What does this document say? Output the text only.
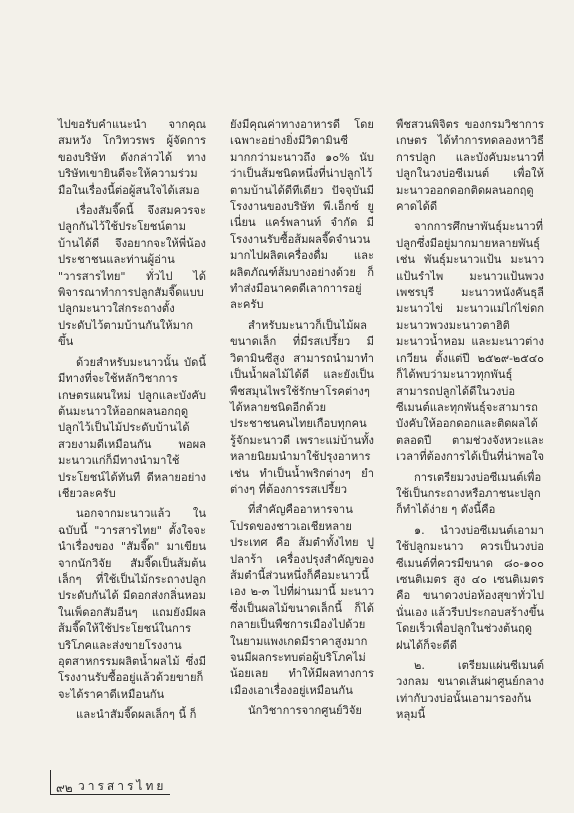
ไปขอรับคำแนะนำ จากคุณสมหวัง โกวิทวรพร ผู้จัดการของบริษัท ดังกล่าวได้ ทางบริษัทเขายินดีจะให้ความร่วมมือในเรื่องนี้ต่อผู้สนใจได้เสมอ

เรื่องสัมจี๊ดนี้ จึงสมควรจะปลูกกันไว้ใช้ประโยชน์ตามบ้านได้ดี จึงอยากจะให้พี่น้องประชาชนและท่านผู้อ่าน "วารสารไทย" ทั่วไป ได้พิจารณาทำการปลูกสัมจี๊ดแบบปลูกมะนาวใส่กระถางตั้งประดับไว้ตามบ้านกันให้มากขึ้น

ด้วยสำหรับมะนาวนั้น บัดนี้มีทางที่จะใช้หลักวิชาการเกษตรแผนใหม่ ปลูกและบังคับต้นมะนาวให้ออกผลนอกฤดู ปลูกไว้เป็นไม้ประดับบ้านได้สวยงามดีเหมือนกัน พอผลมะนาวแก่ก็มีทางนำมาใช้ประโยชน์ได้ทันที ดีหลายอย่างเชียวละครับ

นอกจากมะนาวแล้ว ในฉบับนี้ "วารสารไทย" ตั้งใจจะนำเรื่องของ "สัมจี๊ด" มาเขียนจากนักวิจัย สัมจี๊ดเป็นส้มต้นเล็กๆ ที่ใช้เป็นไม้กระถางปลูกประดับกันได้ มีดอกส่งกลิ่นหอมในเพ็ดอกสัมอีนๆ แถมยังมีผลส้มจี๊ดให้ใช้ประโยชน์ในการบริโภคและส่งขายโรงงานอุตสาหกรรมผลิตน้ำผลไม้ ซึ่งมีโรงงานรับซื้ออยู่แล้วด้วยขายก็จะได้ราคาดีเหมือนกัน

และนำสัมจี๊ดผลเล็กๆ นี้ ก็

ยังมีคุณค่าทางอาหารดี โดยเฉพาะอย่างยิ่งมีวิตามินซี มากกว่ามะนาวถึง ๑๐% นับว่าเป็นส้มชนิดหนึ่งที่น่าปลูกไว้ตามบ้านได้ดีทีเดียว ปัจจุบันมีโรงงานของบริษัท พี.เอ็กซ์ ยูเนี่ยน แคร์พลานท์ จำกัด มีโรงงานรับซื้อส้มผลจี๊ดจำนวนมากไปผลิตเครื่องดื่ม และผลิตภัณฑ์ส้มบางอย่างด้วย ก็ทำส่งมีอนาคตดีเลากาารอยู่ละครับ

สำหรับมะนาวก็เป็นไม้ผลขนาดเล็ก ที่มีรสเปรี้ยว มีวิตามินซีสูง สามารถนำมาทำเป็นน้ำผลไม้ได้ดี และยังเป็นพืชสมุนไพรใช้รักษาโรคต่างๆ ได้หลายชนิดอีกด้วย ประชาชนคนไทยเกือบทุกคนรู้จักมะนาวดี เพราะแม่บ้านทั้งหลายนิยมนำมาใช้ปรุงอาหาร เช่น ทำเป็นน้ำพริกต่างๆ ยำต่างๆ ที่ต้องการรสเปรี้ยว

ที่สำคัญคืออาหารจานโปรดของชาวเอเชียหลายประเทศ คือ ส้มตำทั้งไทย ปู ปลาร้า เครื่องปรุงสำคัญของส้มตำนี้ส่วนหนึ่งก็คือมะนาวนี้เอง ๒-๓ ไปที่ผ่านมานี้ มะนาวซึ่งเป็นผลไม้ขนาดเล็กนี้ ก็ได้กลายเป็นพืชการเมืองไปด้วย ในยามแพงเกดมีราคาสูงมาก จนมีผลกระทบต่อผู้บริโภคไม่น้อยเลย ทำให้มีผลทางการเมืองเอาเรื่องอยู่เหมือนกัน

นักวิชาการจากศูนย์วิจัย

พืชสวนพิจิตร ของกรมวิชาการเกษตร ได้ทำการทดลองหาวิธีการปลูก และบังคับมะนาวที่ปลูกในวงบ่อซีเมนต์ เพื่อให้มะนาวออกดอกติดผลนอกฤดูคาดได้ดี

จากการศึกษาพันธุ์มะนาวที่ปลูกซึ่งมีอยู่มากมายหลายพันธุ์ เช่น พันธุ์มะนาวแป้น มะนาวแป้นรำไพ มะนาวแป้นพวงเพชรบุรี มะนาวหนังคันธุลี มะนาวไข่ มะนาวแม่ไก่ไข่ดก มะนาวพวงมะนาวตาฮิติ มะนาวน้ำหอม และมะนาวต่างเกวียน ตั้งแต่ปี ๒๕๒๙-๒๕๔๐ ก็ได้พบว่ามะนาวทุกพันธุ์สามารถปลูกได้ดีในวงบ่อซีเมนต์และทุกพันธุ์จะสามารถบังคับให้ออกดอกและติดผลได้ตลอดปี ตามช่วงจังหวะและเวลาที่ต้องการได้เป็นที่น่าพอใจ

การเตรียมวงบ่อซีเมนต์เพื่อใช้เป็นกระถางหรือภาชนะปลูกก็ทำได้ง่าย ๆ ดังนี้คือ

๑. นำวงบ่อซีเมนต์เอามาใช้ปลูกมะนาว ควรเป็นวงบ่อซีเมนต์ที่ควรมีขนาด ๘๐-๑๐๐ เซนติเมตร สูง ๔๐ เซนติเมตร คือ ขนาดวงบ่อห้องสุขาทั่วไปนั่นเอง แล้วรีบประกอบสร้างขึ้นโดยเร็วเพื่อปลูกในช่วงต้นฤดูฝนได้ก็จะดีดี

๒. เตรียมแผ่นซีเมนต์วงกลม ขนาดเส้นผ่าศูนย์กลางเท่ากับวงบ่อนั้นเอามารองก้นหลุมนี้

๙๒ วารสารไทย
